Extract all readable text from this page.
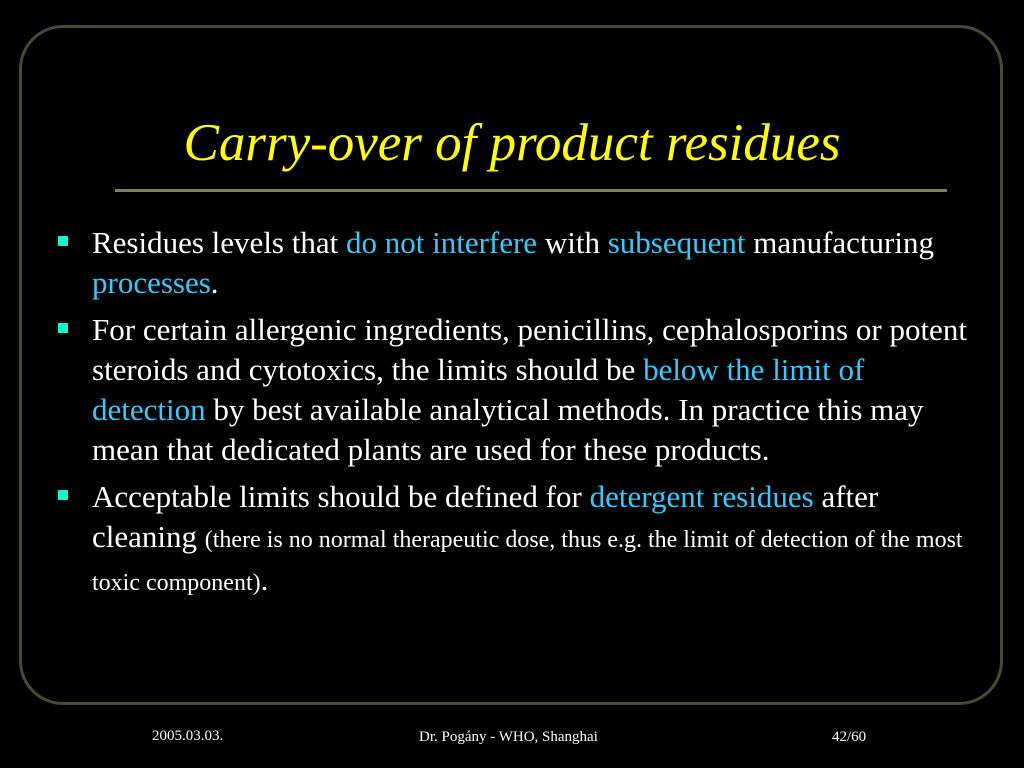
Carry-over of product residues
Residues levels that do not interfere with subsequent manufacturing processes.
For certain allergenic ingredients, penicillins, cephalosporins or potent steroids and cytotoxics, the limits should be below the limit of detection by best available analytical methods. In practice this may mean that dedicated plants are used for these products.
Acceptable limits should be defined for detergent residues after cleaning (there is no normal therapeutic dose, thus e.g. the limit of detection of the most toxic component).
2005.03.03.	Dr. Pogány - WHO, Shanghai	42/60
